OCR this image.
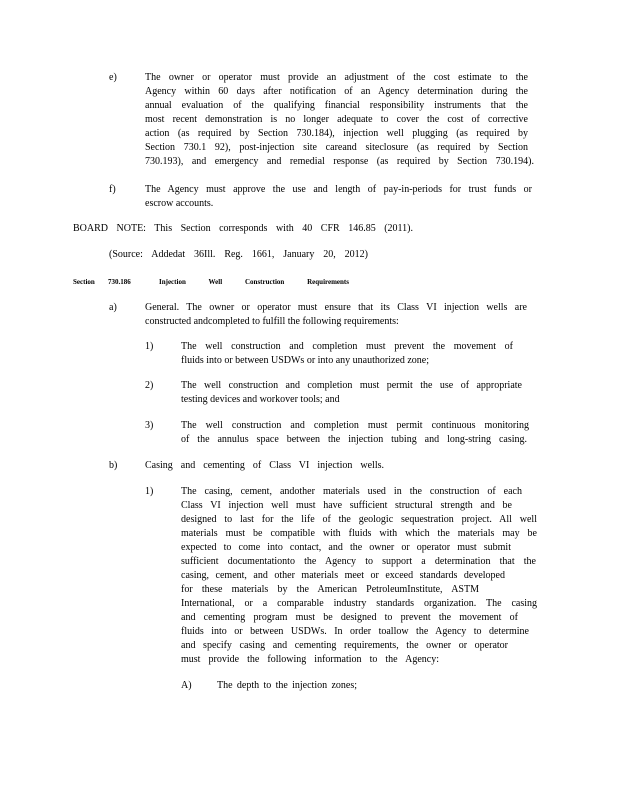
e)	The owner or operator must provide an adjustment of the cost estimate to the
Agency within 60 days after notification of an Agency determination during the
annual evaluation of the qualifying financial responsibility instruments that the
most recent demonstration is no longer adequate to cover the cost of corrective
action (as required by Section 730.184), injection well plugging (as required by
Section 730.1 92), post-injection site careand siteclosure (as required by Section
730.193), and emergency and remedial response (as required by Section 730.194).
f)	The Agency must approve the use and length of pay-in-periods for trust funds or
escrow accounts.
BOARD NOTE: This Section corresponds with 40 CFR 146.85 (2011).
(Source: Addedat 36Ill. Reg. 1661, January 20, 2012)
Section 730.186	Injection Well Construction Requirements
a)	General. The owner or operator must ensure that its Class VI injection wells are
constructed andcompleted to fulfill the following requirements:
1)	The well construction and completion must prevent the movement of
fluids into or between USDWs or into any unauthorized zone;
2)	The well construction and completion must permit the use of appropriate
testing devices and workover tools; and
3)	The well construction and completion must permit continuous monitoring
of the annulus space between the injection tubing and long-string casing.
b)	Casing and cementing of Class VI injection wells.
1)	The casing, cement, andother materials used in the construction of each
Class VI injection well must have sufficient structural strength and be
designed to last for the life of the geologic sequestration project. All well
materials must be compatible with fluids with which the materials may be
expected to come into contact, and the owner or operator must submit
sufficient documentationto the Agency to support a determination that the
casing, cement, and other materials meet or exceed standards developed
for these materials by the American PetroleumInstitute, ASTM
International, or a comparable industry standards organization. The casing
and cementing program must be designed to prevent the movement of
fluids into or between USDWs. In order toallow the Agency to determine
and specify casing and cementing requirements, the owner or operator
must provide the following information to the Agency:
A)	The depth to the injection zones;
